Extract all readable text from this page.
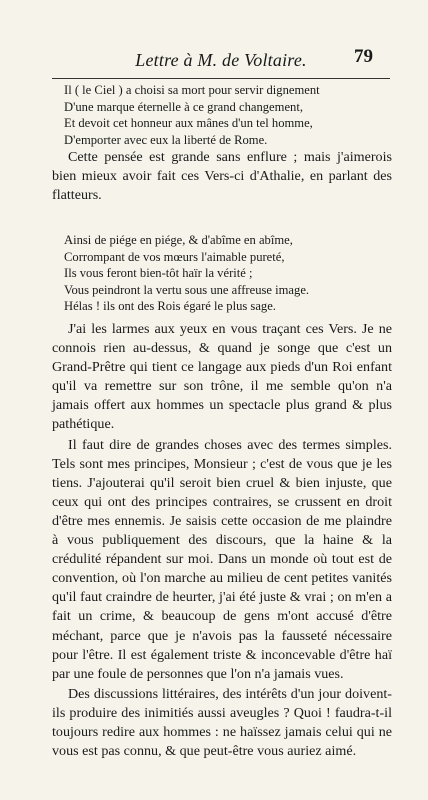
Lettre à M. de Voltaire.	79
Il ( le Ciel ) a choisi sa mort pour servir dignement
D'une marque éternelle à ce grand changement,
Et devoit cet honneur aux mânes d'un tel homme,
D'emporter avec eux la liberté de Rome.

Cette pensée est grande sans enflure ; mais j'aimerois bien mieux avoir fait ces Vers-ci d'Athalie, en parlant des flatteurs.

Ainsi de piége en piége, & d'abîme en abîme,
Corrompant de vos mœurs l'aimable pureté,
Ils vous feront bien-tôt haïr la vérité ;
Vous peindront la vertu sous une affreuse image.
Hélas ! ils ont des Rois égaré le plus sage.

J'ai les larmes aux yeux en vous traçant ces Vers. Je ne connois rien au-dessus, & quand je songe que c'est un Grand-Prêtre qui tient ce langage aux pieds d'un Roi enfant qu'il va remettre sur son trône, il me semble qu'on n'a jamais offert aux hommes un spectacle plus grand & plus pathétique.

Il faut dire de grandes choses avec des termes simples. Tels sont mes principes, Monsieur ; c'est de vous que je les tiens. J'ajouterai qu'il seroit bien cruel & bien injuste, que ceux qui ont des principes contraires, se crussent en droit d'être mes ennemis. Je saisis cette occasion de me plaindre à vous publiquement des discours, que la haine & la crédulité répandent sur moi. Dans un monde où tout est de convention, où l'on marche au milieu de cent petites vanités qu'il faut craindre de heurter, j'ai été juste & vrai ; on m'en a fait un crime, & beaucoup de gens m'ont accusé d'être méchant, parce que je n'avois pas la fausseté nécessaire pour l'être. Il est également triste & inconcevable d'être haï par une foule de personnes que l'on n'a jamais vues.

Des discussions littéraires, des intérêts d'un jour doivent-ils produire des inimitiés aussi aveugles ? Quoi ! faudra-t-il toujours redire aux hommes : ne haïssez jamais celui qui ne vous est pas connu, & que peut-être vous auriez aimé.
